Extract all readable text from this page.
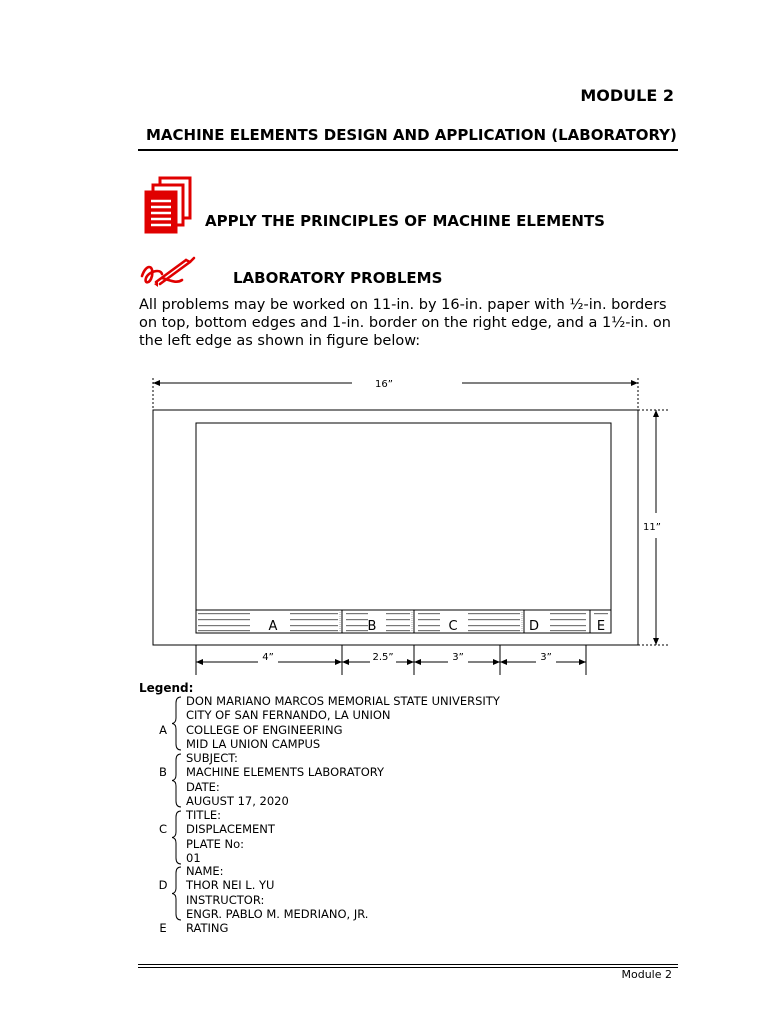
MODULE 2
MACHINE ELEMENTS DESIGN AND APPLICATION (LABORATORY)
APPLY THE PRINCIPLES OF MACHINE ELEMENTS
LABORATORY PROBLEMS
All problems may be worked on 11-in. by 16-in. paper with ½-in. borders on top, bottom edges and 1-in. border on the right edge, and a 1½-in. on the left edge as shown in figure below:
16”
11”
A	B	C	D	E
4”	2.5”	3”	3”
Legend:
A
DON MARIANO MARCOS MEMORIAL STATE UNIVERSITY
CITY OF SAN FERNANDO, LA UNION
COLLEGE OF ENGINEERING
MID LA UNION CAMPUS
B
SUBJECT:
MACHINE ELEMENTS LABORATORY
DATE:
AUGUST 17, 2020
C
TITLE:
DISPLACEMENT
PLATE No:
01
D
NAME:
THOR NEI L. YU
INSTRUCTOR:
ENGR. PABLO M. MEDRIANO, JR.
E RATING
Module 2
